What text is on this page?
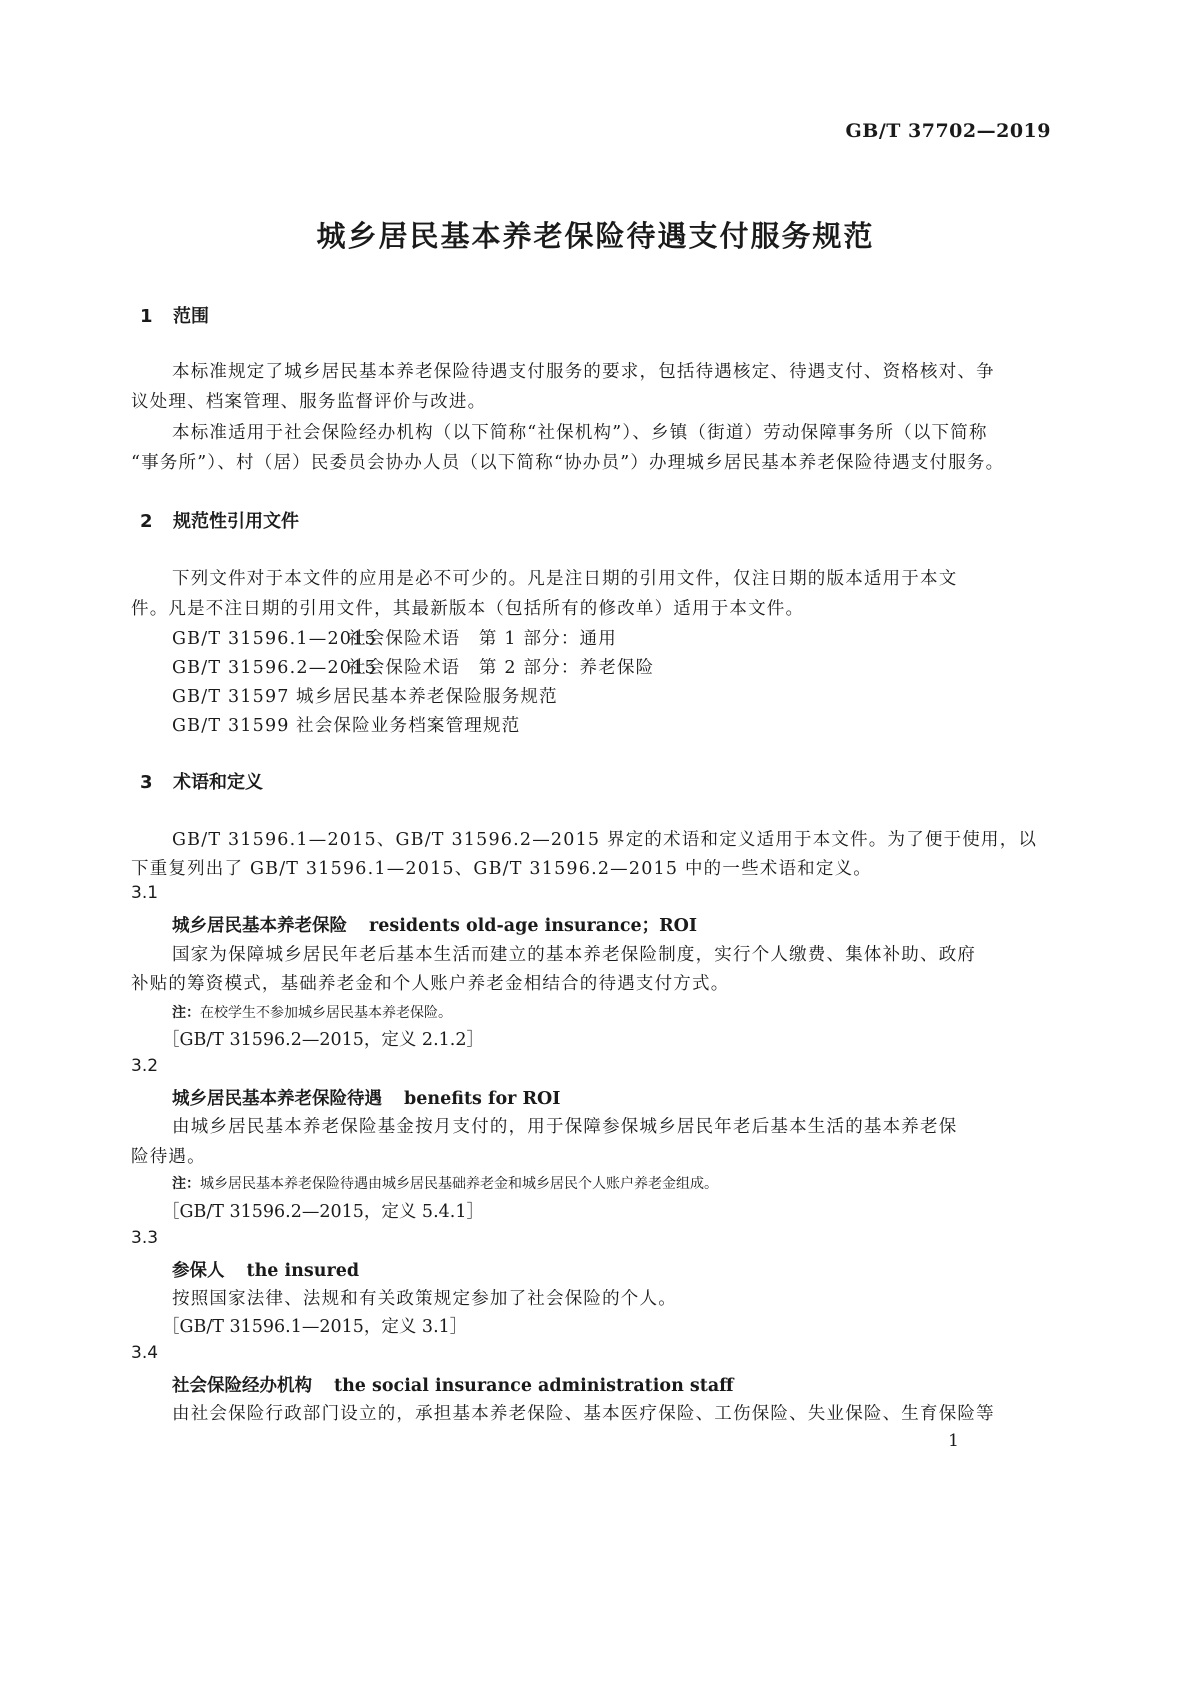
GB/T 37702—2019
城乡居民基本养老保险待遇支付服务规范
1 范围
本标准规定了城乡居民基本养老保险待遇支付服务的要求，包括待遇核定、待遇支付、资格核对、争
议处理、档案管理、服务监督评价与改进。
本标准适用于社会保险经办机构（以下简称“社保机构”）、乡镇（街道）劳动保障事务所（以下简称
“事务所”）、村（居）民委员会协办人员（以下简称“协办员”）办理城乡居民基本养老保险待遇支付服务。
2 规范性引用文件
下列文件对于本文件的应用是必不可少的。凡是注日期的引用文件，仅注日期的版本适用于本文
件。凡是不注日期的引用文件，其最新版本（包括所有的修改单）适用于本文件。
GB/T 31596.1—2015社会保险术语　第 1 部分：通用
GB/T 31596.2—2015社会保险术语　第 2 部分：养老保险
GB/T 31597 城乡居民基本养老保险服务规范
GB/T 31599 社会保险业务档案管理规范
3 术语和定义
GB/T 31596.1—2015、GB/T 31596.2—2015 界定的术语和定义适用于本文件。为了便于使用，以
下重复列出了 GB/T 31596.1—2015、GB/T 31596.2—2015 中的一些术语和定义。
3.1
城乡居民基本养老保险 residents old-age insurance；ROI
国家为保障城乡居民年老后基本生活而建立的基本养老保险制度，实行个人缴费、集体补助、政府
补贴的筹资模式，基础养老金和个人账户养老金相结合的待遇支付方式。
注：在校学生不参加城乡居民基本养老保险。
［GB/T 31596.2—2015，定义 2.1.2］
3.2
城乡居民基本养老保险待遇 benefits for ROI
由城乡居民基本养老保险基金按月支付的，用于保障参保城乡居民年老后基本生活的基本养老保
险待遇。
注：城乡居民基本养老保险待遇由城乡居民基础养老金和城乡居民个人账户养老金组成。
［GB/T 31596.2—2015，定义 5.4.1］
3.3
参保人 the insured
按照国家法律、法规和有关政策规定参加了社会保险的个人。
［GB/T 31596.1—2015，定义 3.1］
3.4
社会保险经办机构 the social insurance administration staff
由社会保险行政部门设立的，承担基本养老保险、基本医疗保险、工伤保险、失业保险、生育保险等
1
